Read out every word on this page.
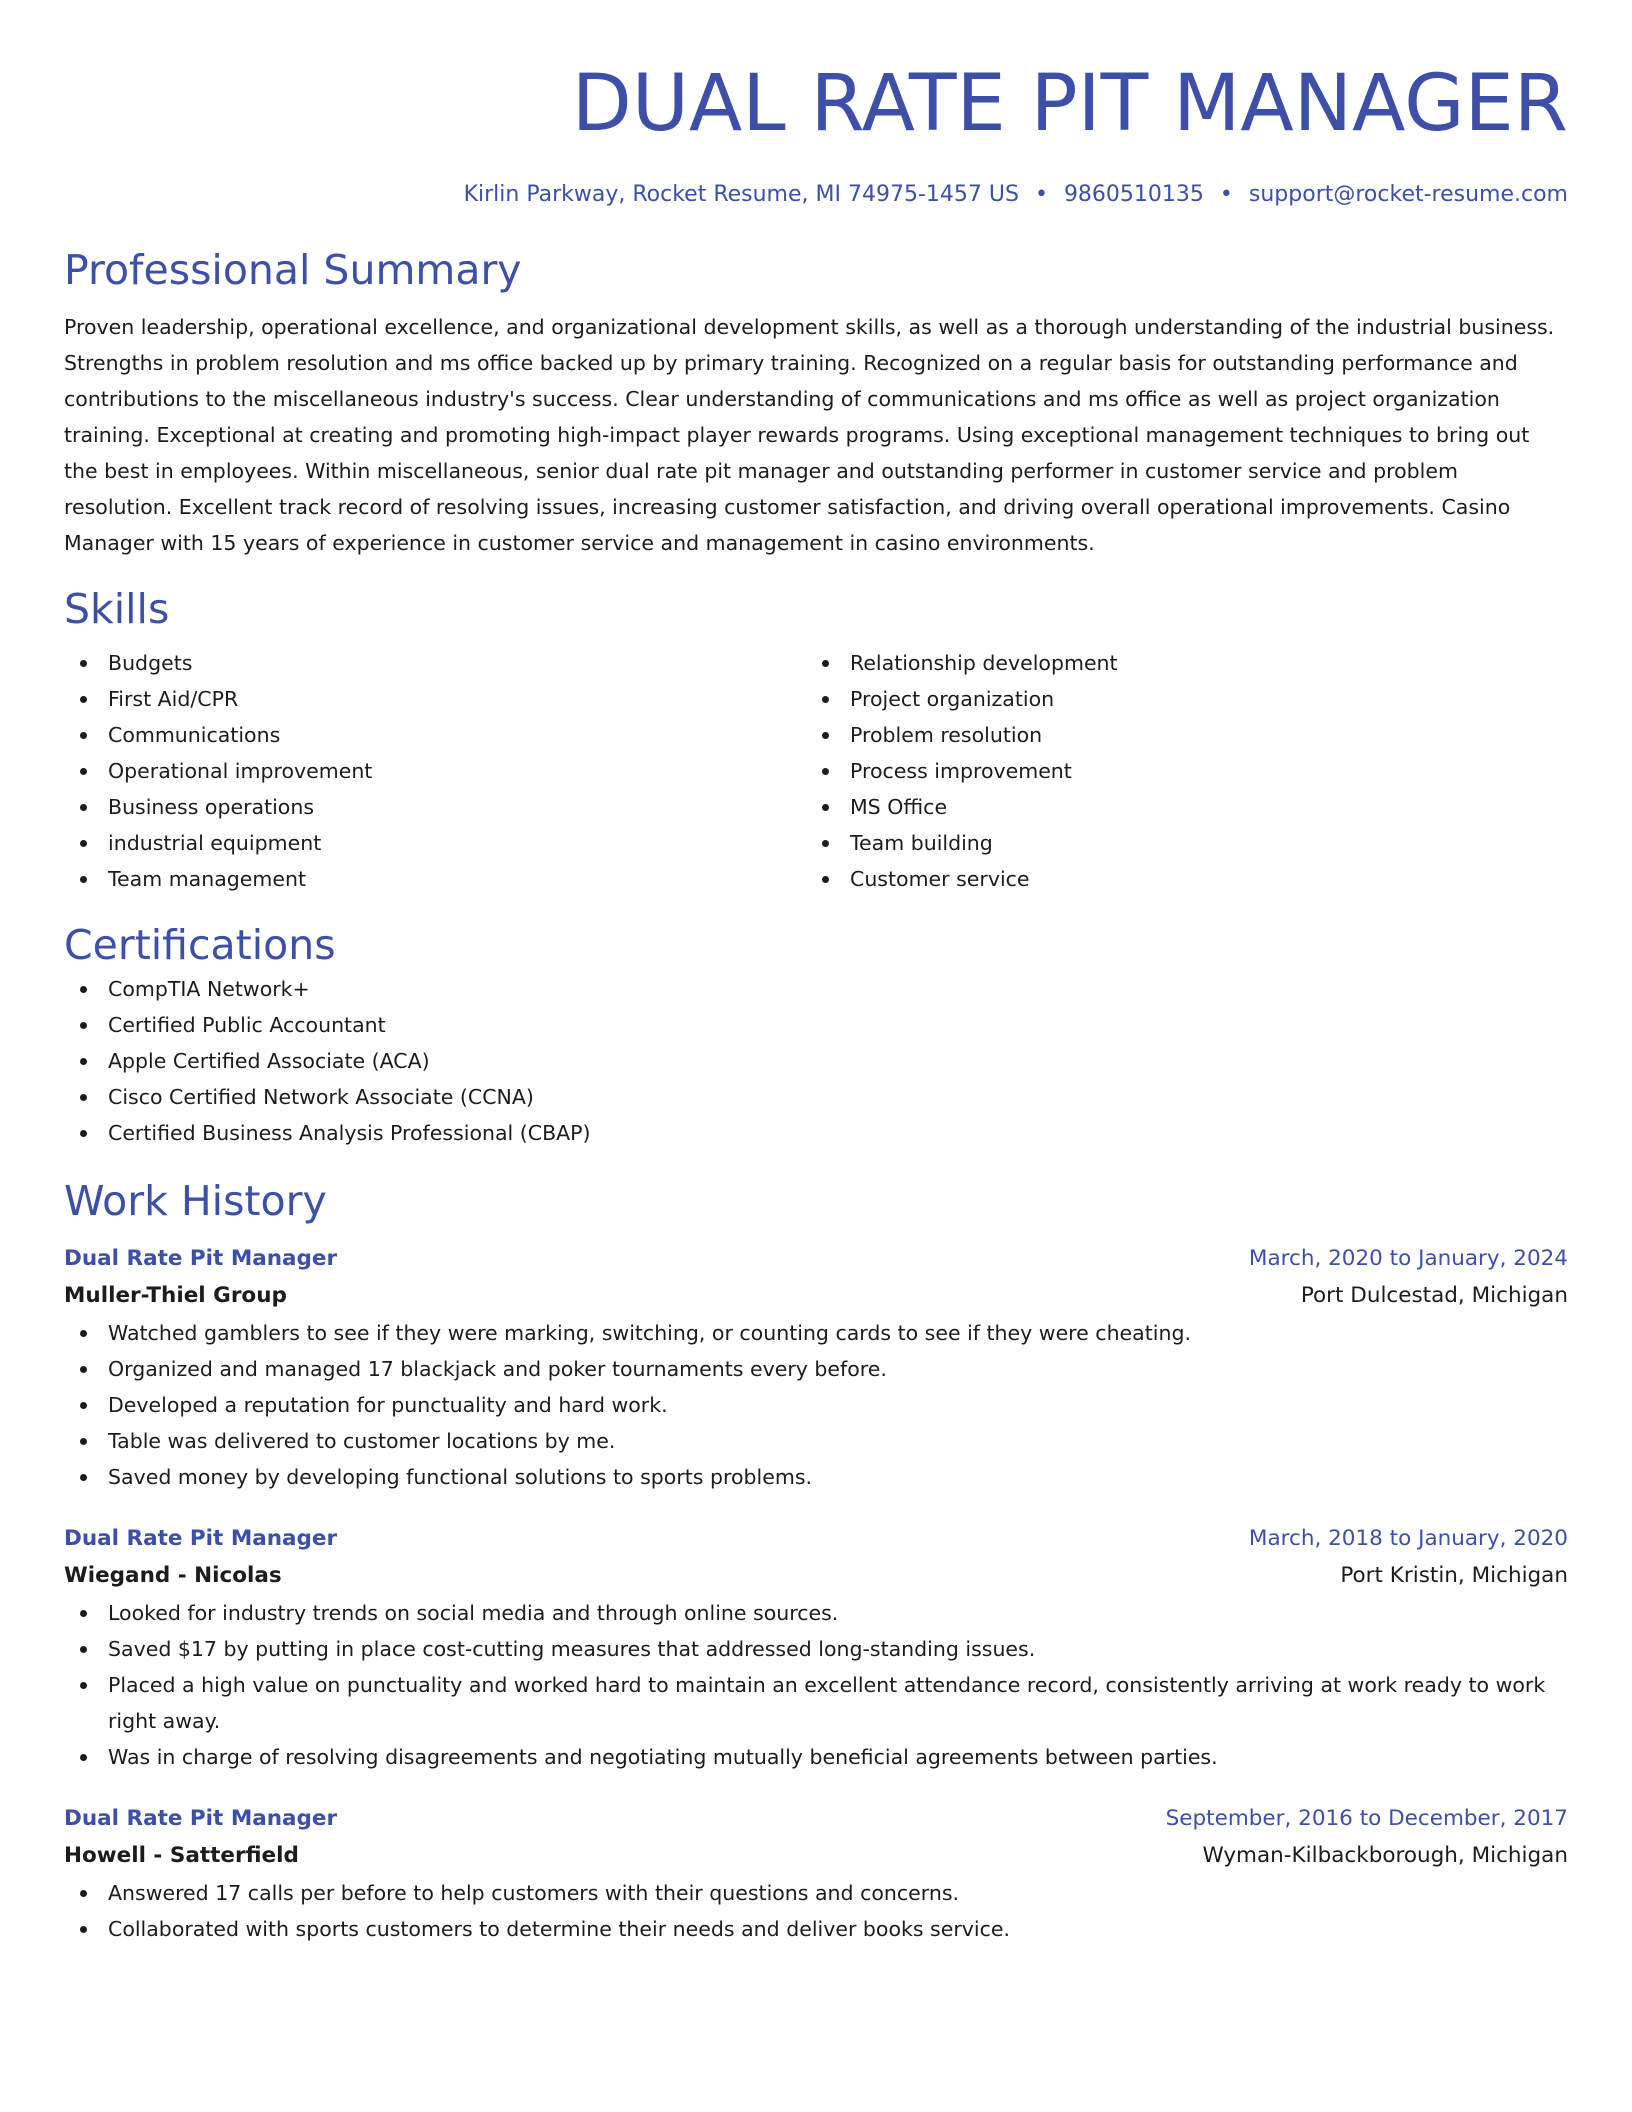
DUAL RATE PIT MANAGER
Kirlin Parkway, Rocket Resume, MI 74975-1457 US • 9860510135 • support@rocket-resume.com
Professional Summary
Proven leadership, operational excellence, and organizational development skills, as well as a thorough understanding of the industrial business. Strengths in problem resolution and ms office backed up by primary training. Recognized on a regular basis for outstanding performance and contributions to the miscellaneous industry's success. Clear understanding of communications and ms office as well as project organization training. Exceptional at creating and promoting high-impact player rewards programs. Using exceptional management techniques to bring out the best in employees. Within miscellaneous, senior dual rate pit manager and outstanding performer in customer service and problem resolution. Excellent track record of resolving issues, increasing customer satisfaction, and driving overall operational improvements. Casino Manager with 15 years of experience in customer service and management in casino environments.
Skills
Budgets
First Aid/CPR
Communications
Operational improvement
Business operations
industrial equipment
Team management
Relationship development
Project organization
Problem resolution
Process improvement
MS Office
Team building
Customer service
Certifications
CompTIA Network+
Certified Public Accountant
Apple Certified Associate (ACA)
Cisco Certified Network Associate (CCNA)
Certified Business Analysis Professional (CBAP)
Work History
Dual Rate Pit Manager	March, 2020 to January, 2024
Muller-Thiel Group	Port Dulcestad, Michigan
Watched gamblers to see if they were marking, switching, or counting cards to see if they were cheating.
Organized and managed 17 blackjack and poker tournaments every before.
Developed a reputation for punctuality and hard work.
Table was delivered to customer locations by me.
Saved money by developing functional solutions to sports problems.
Dual Rate Pit Manager	March, 2018 to January, 2020
Wiegand - Nicolas	Port Kristin, Michigan
Looked for industry trends on social media and through online sources.
Saved $17 by putting in place cost-cutting measures that addressed long-standing issues.
Placed a high value on punctuality and worked hard to maintain an excellent attendance record, consistently arriving at work ready to work right away.
Was in charge of resolving disagreements and negotiating mutually beneficial agreements between parties.
Dual Rate Pit Manager	September, 2016 to December, 2017
Howell - Satterfield	Wyman-Kilbackborough, Michigan
Answered 17 calls per before to help customers with their questions and concerns.
Collaborated with sports customers to determine their needs and deliver books service.
